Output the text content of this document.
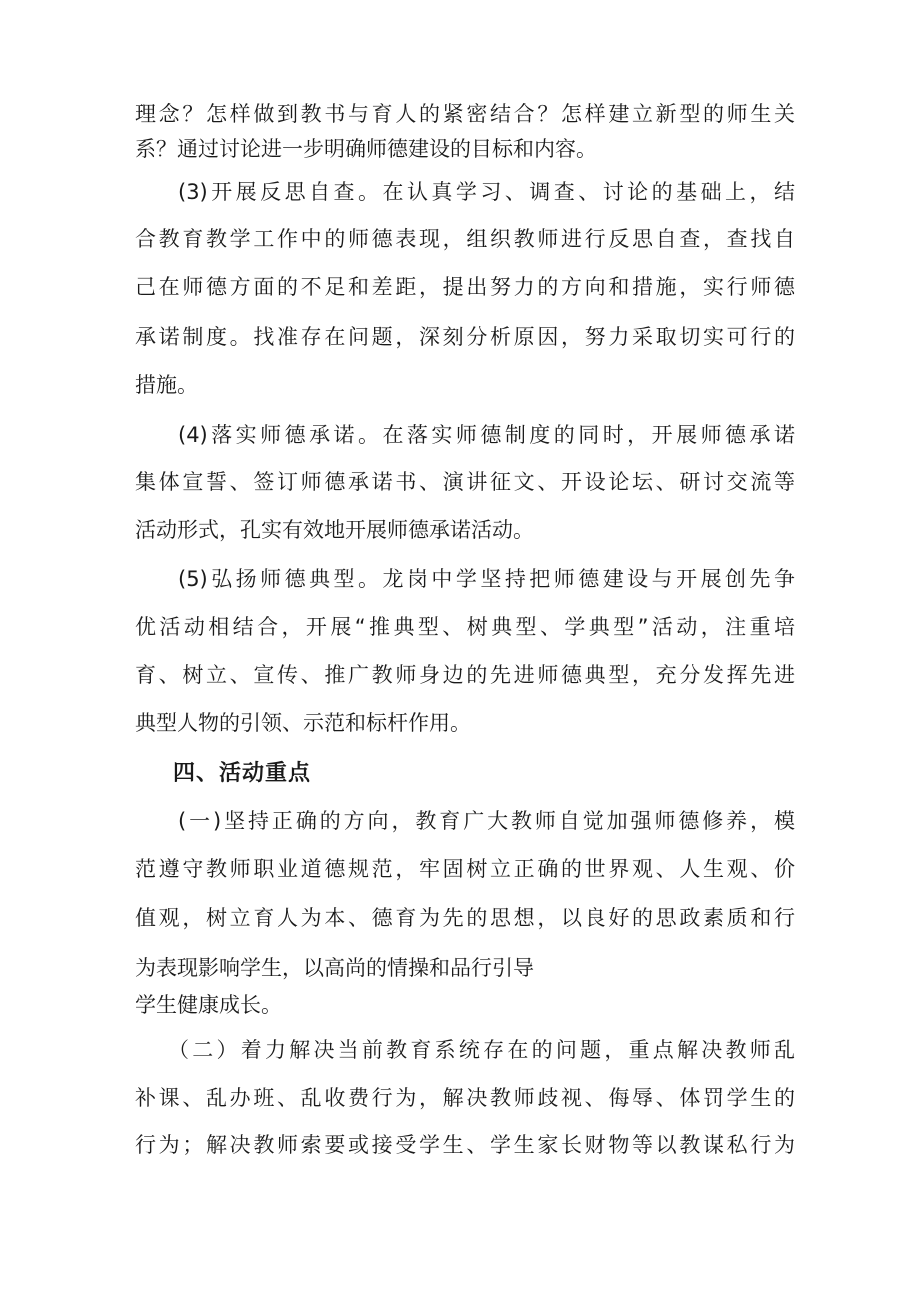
理念？怎样做到教书与育人的紧密结合？怎样建立新型的师生关
系？通过讨论进一步明确师德建设的目标和内容。
(3)开展反思自查。在认真学习、调查、讨论的基础上，结
合教育教学工作中的师德表现，组织教师进行反思自查，查找自
己在师德方面的不足和差距，提出努力的方向和措施，实行师德
承诺制度。找准存在问题，深刻分析原因，努力采取切实可行的
措施。
(4)落实师德承诺。在落实师德制度的同时，开展师德承诺
集体宣誓、签订师德承诺书、演讲征文、开设论坛、研讨交流等
活动形式，孔实有效地开展师德承诺活动。
(5)弘扬师德典型。龙岗中学坚持把师德建设与开展创先争
优活动相结合，开展“推典型、树典型、学典型”活动，注重培
育、树立、宣传、推广教师身边的先进师德典型，充分发挥先进
典型人物的引领、示范和标杆作用。
四、活动重点
(一)坚持正确的方向，教育广大教师自觉加强师德修养，模
范遵守教师职业道德规范，牢固树立正确的世界观、人生观、价
值观，树立育人为本、德育为先的思想，以良好的思政素质和行
为表现影响学生，以高尚的情操和品行引导
学生健康成长。
（二）着力解决当前教育系统存在的问题，重点解决教师乱
补课、乱办班、乱收费行为，解决教师歧视、侮辱、体罚学生的
行为；解决教师索要或接受学生、学生家长财物等以教谋私行为
